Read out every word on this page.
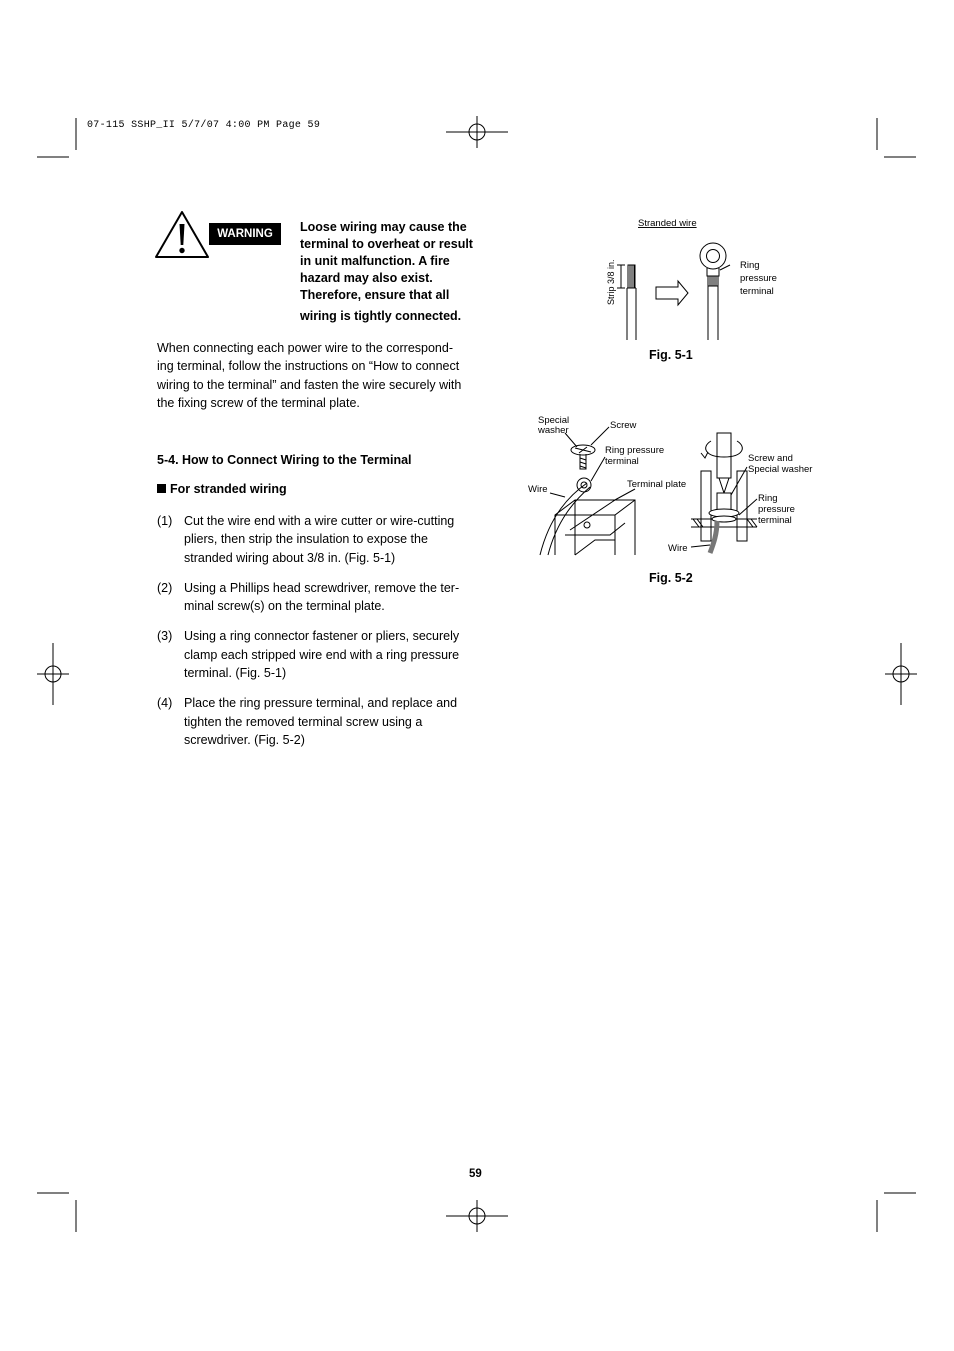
07-115 SSHP_II 5/7/07 4:00 PM Page 59
WARNING	Loose wiring may cause the
terminal to overheat or result
in unit malfunction. A fire
hazard may also exist.
Therefore, ensure that all
wiring is tightly connected.
When connecting each power wire to the correspond-
ing terminal, follow the instructions on “How to connect
wiring to the terminal” and fasten the wire securely with
the fixing screw of the terminal plate.
5-4. How to Connect Wiring to the Terminal
For stranded wiring
(1) Cut the wire end with a wire cutter or wire-cutting
pliers, then strip the insulation to expose the
stranded wiring about 3/8 in. (Fig. 5-1)
(2) Using a Phillips head screwdriver, remove the ter-
minal screw(s) on the terminal plate.
(3) Using a ring connector fastener or pliers, securely
clamp each stripped wire end with a ring pressure
terminal. (Fig. 5-1)
(4) Place the ring pressure terminal, and replace and
tighten the removed terminal screw using a
screwdriver. (Fig. 5-2)
Stranded wire
Strip 3/8 in.	Ring
pressure
terminal
Fig. 5-1
Special
washer	Screw
Ring pressure
terminal
Wire	Terminal plate
Screw and
Special washer
Ring
pressure
terminal
Wire
Fig. 5-2
59
